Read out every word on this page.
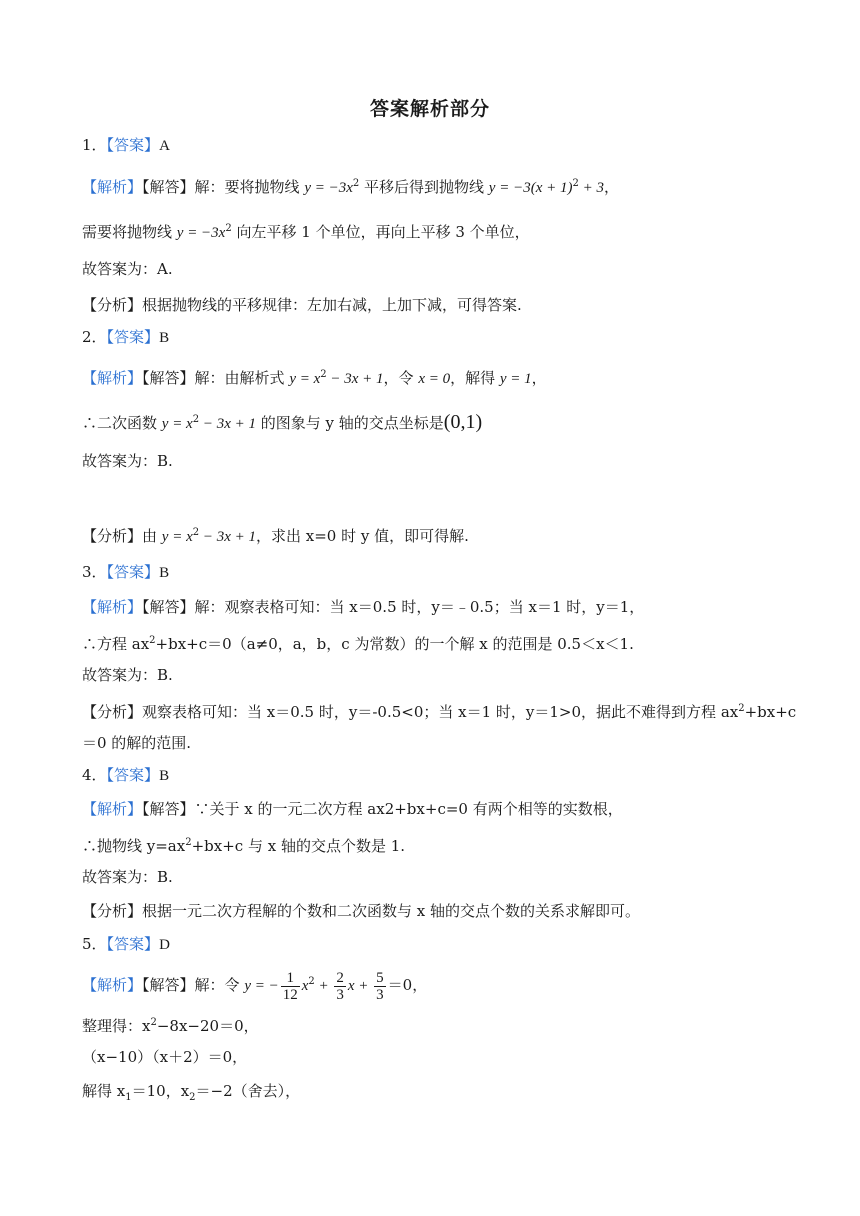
答案解析部分
1．【答案】A
【解析】【解答】解：要将抛物线 $y = -3x^2$ 平移后得到抛物线 $y = -3(x + 1)^2 + 3$，
需要将抛物线 $y = -3x^2$ 向左平移 1 个单位，再向上平移 3 个单位，
故答案为：A.
【分析】根据抛物线的平移规律：左加右减，上加下减，可得答案.
2．【答案】B
【解析】【解答】解：由解析式 $y = x^2 - 3x + 1$，令 x = 0，解得 y = 1，
∴二次函数 $y = x^2 - 3x + 1$ 的图象与 y 轴的交点坐标是(0,1)
故答案为：B.
【分析】由 $y = x^2 - 3x + 1$，求出 x=0 时 y 值，即可得解.
3．【答案】B
【解析】【解答】解：观察表格可知：当 x＝0.5 时，y＝﹣0.5；当 x＝1 时，y＝1，
∴方程 $ax^2+bx+c=0(a\ne 0$，a，b，c 为常数）的一个解 x 的范围是 0.5＜x＜1.
故答案为：B.
【分析】观察表格可知：当 x＝0.5 时，y＝-0.5<0；当 x＝1 时，y＝1>0，据此不难得到方程 $ax^2+bx+c$
＝0 的解的范围.
4．【答案】B
【解析】【解答】∵关于 x 的一元二次方程 ax2+bx+c=0 有两个相等的实数根，
∴抛物线 $y=ax^2+bx+c$ 与 x 轴的交点个数是 1.
故答案为：B.
【分析】根据一元二次方程解的个数和二次函数与 x 轴的交点个数的关系求解即可。
5．【答案】D
【解析】【解答】解：令 y = − $\frac{1}{12} x^2 + \frac{2}{3}$ $x + \frac{5}{3} =0$，
整理得：$x^2-8x-20=0$，
（x−10）（x＋2）＝0，
解得 $x_1=10$，$x_2=-2$（舍去），
